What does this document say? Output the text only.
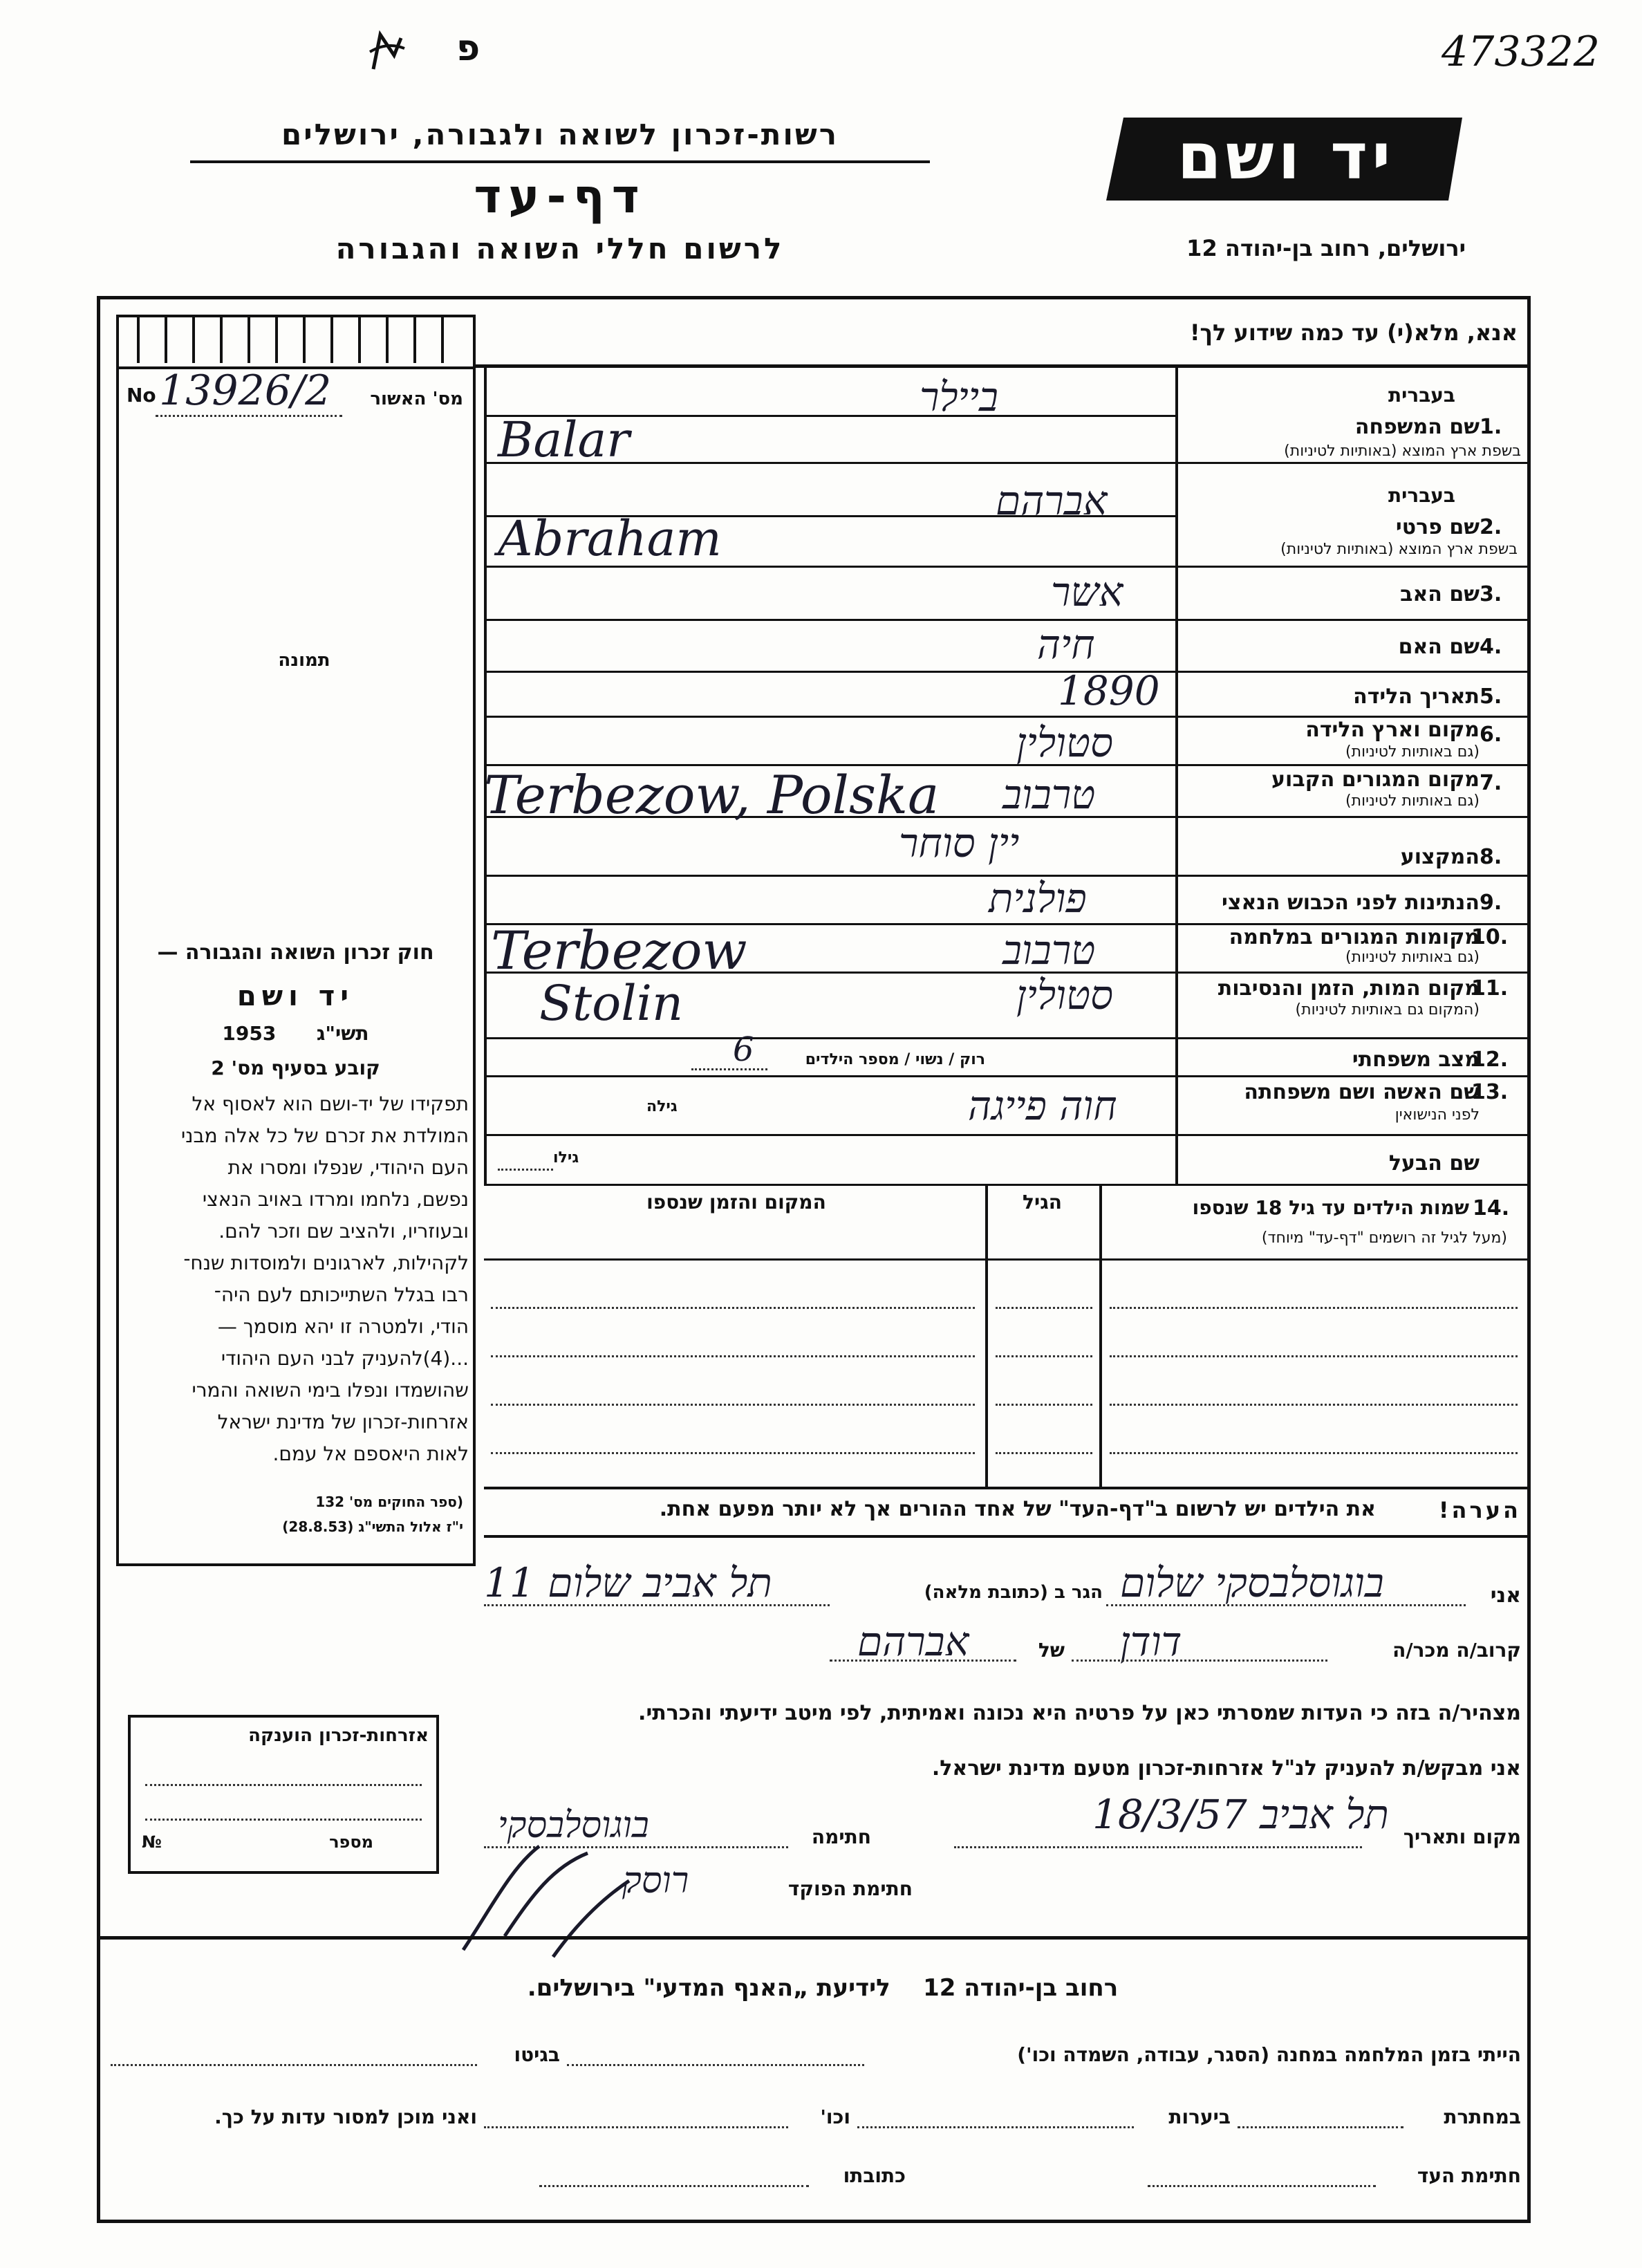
473322
פ
רשות-זכרון לשואה ולגבורה, ירושלים
דף-עד
לרשום חללי השואה והגבורה
יד ושם
ירושלים, רחוב בן-יהודה 12
No 13926/2	מס' האשור
תמונה
חוק זכרון השואה והגבורה —
יד ושם
1953 תשי"ג
קובע בסעיף מס' 2
תפקידו של יד-ושם הוא לאסוף אל
המולדת את זכרם של כל אלה מבני
העם היהודי, שנפלו ומסרו את
נפשם, נלחמו ומרדו באויב הנאצי
ובעוזריו, ולהציב שם וזכר להם.
לקהילות, לארגונים ולמוסדות שנח־
רבו בגלל השתייכותם לעם היה־
הודי, ולמטרה זו יהא מוסמך —
...(4)להעניק לבני העם היהודי
שהושמדו ונפלו בימי השואה והמרי
אזרחות-זכרון של מדינת ישראל
לאות היאספם אל עמם.
(ספר החוקים מס' 132
י"ז אלול התשי"ג (28.8.53)
אנא, מלא(י) עד כמה שידוע לך!
שם המשפחה 1.
בעברית
בשפת ארץ המוצא (באותיות לטיניות)
ביילר
Balar
בעברית
שם פרטי 2.
בשפת ארץ המוצא (באותיות לטיניות)
אברהם
Abraham
שם האב 3.
אשר
שם האם 4.
חיה
תאריך הלידה 5.
1890
מקום וארץ הלידה 6.
(גם באותיות לטיניות)
סטולין
מקום המגורים הקבוע 7.
(גם באותיות לטיניות)
Terbezow, Polska טרבוב
המקצוע 8.
יין סוחר
הנתינות לפני הכבוש הנאצי 9.
פולנית
מקומות המגורים במלחמה
10.
(גם באותיות לטיניות)
Terbezow	טרבוב
מקום המות, הזמן והנסיבות
11.
(המקום גם באותיות לטיניות)
Stolin	סטולין
מצב משפחתי
12.
רוק / נשוי / מספר הילדים
6
שם האשה ושם משפחתה
13.
לפני הנישואין
גילה	חוה פייגה
שם הבעל
גילו
המקום והזמן שנספו	הגיל	14.
שמות הילדים עד גיל 18 שנספו
(מעל לגיל זה רושמים "דף-עד" מיוחד)
את הילדים יש לרשום ב"דף-העד" של אחד ההורים אך לא יותר מפעם אחת.	הערה!
אני
בוגוסלבסקי שלום
הגר ב (כתובת מלאה)
תל אביב שלום 11
קרוב/ה מכר/ה
דודן
של
אברהם
מצהיר/ה בזה כי העדות שמסרתי כאן על פרטיה היא נכונה ואמיתית, לפי מיטב ידיעתי והכרתי.
אני מבקש/ת להעניק לנ"ל אזרחות-זכרון מטעם מדינת ישראל.
מקום ותאריך
תל אביב 18/3/57
חתימה
בוגוסלבסקי
חתימת הפוקד
רוסק
אזרחות-זכרון הוענקה
מספר
№
רחוב בן-יהודה 12    לידיעת „האנף המדעי" בירושלים.
הייתי בזמן המלחמה במחנה (הסגר, עבודה, השמדה וכו')
בגיטו
במחתרת
ביערות
וכו'
ואני מוכן למסור עדות על כך.
חתימת העד
כתובתו
